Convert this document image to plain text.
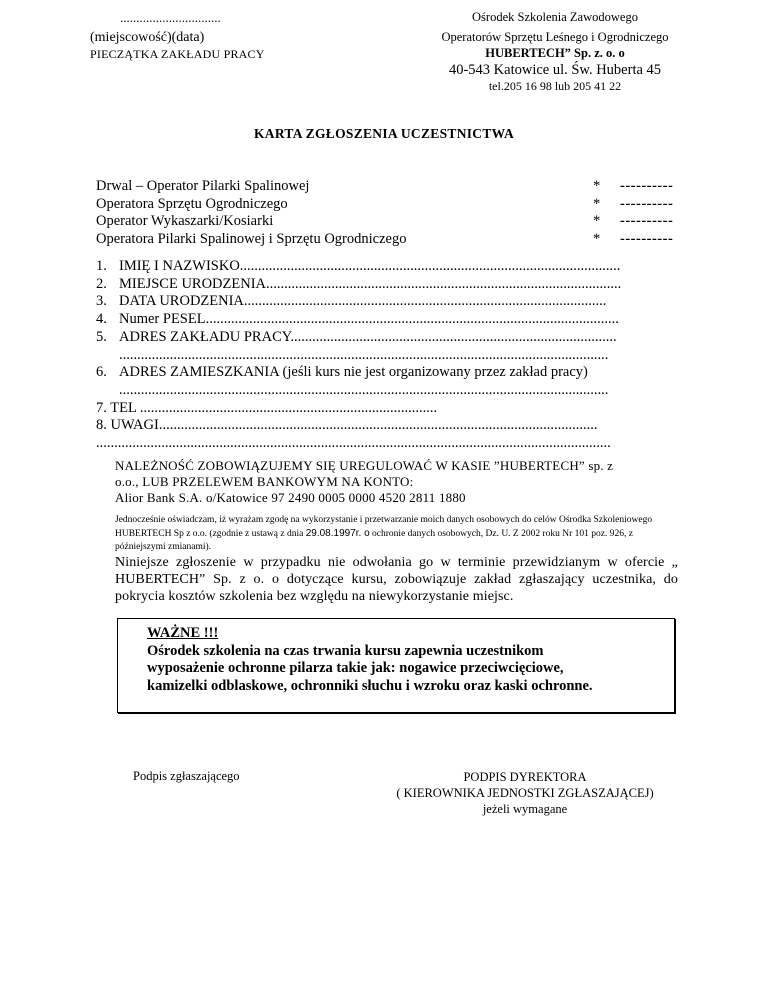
...............................
(miejscowość)(data)
PIECZĄTKA ZAKŁADU PRACY
Ośrodek Szkolenia Zawodowego
Operatorów Sprzętu Leśnego i Ogrodniczego
HUBERTECH” Sp. z. o. o
40-543 Katowice ul. Św. Huberta 45
tel.205 16 98 lub 205 41 22
KARTA ZGŁOSZENIA UCZESTNICTWA
Drwal – Operator Pilarki Spalinowej	* ----------
Operatora Sprzętu Ogrodniczego	* ----------
Operator Wykaszarki/Kosiarki	* ----------
Operatora Pilarki Spalinowej i Sprzętu Ogrodniczego	* ----------
1. IMIĘ I NAZWISKO.........................................................................................................
2. MIEJSCE URODZENIA..................................................................................................
3. DATA URODZENIA....................................................................................................
4. Numer PESEL..................................................................................................................
5. ADRES ZAKŁADU PRACY..........................................................................................
.......................................................................................................................................
6. ADRES ZAMIESZKANIA (jeśli kurs nie jest organizowany przez zakład pracy)
.......................................................................................................................................
7. TEL ..................................................................................
8. UWAGI.........................................................................................................................
..............................................................................................................................................
NALEŻNOŚĆ ZOBOWIĄZUJEMY SIĘ UREGULOWAĆ W KASIE ”HUBERTECH” sp. z
o.o., LUB PRZELEWEM BANKOWYM NA KONTO:
Alior Bank S.A. o/Katowice 97 2490 0005 0000 4520 2811 1880
Jednocześnie oświadczam, iż wyrażam zgodę na wykorzystanie i przetwarzanie moich danych osobowych do celów Ośrodka Szkoleniowego HUBERTECH Sp z o.o. (zgodnie z ustawą z dnia 29.08.1997r. o ochronie danych osobowych, Dz. U. Z 2002 roku Nr 101 poz. 926, z późniejszymi zmianami).
Niniejsze zgłoszenie w przypadku nie odwołania go w terminie przewidzianym w ofercie „ HUBERTECH” Sp. z o. o dotyczące kursu, zobowiązuje zakład zgłaszający uczestnika, do pokrycia kosztów szkolenia bez względu na niewykorzystanie miejsc.
WAŻNE !!!
Ośrodek szkolenia na czas trwania kursu zapewnia uczestnikom
wyposażenie ochronne pilarza takie jak: nogawice przeciwcięciowe,
kamizelki odblaskowe, ochronniki słuchu i wzroku oraz kaski ochronne.
Podpis zgłaszającego	PODPIS DYREKTORA
( KIEROWNIKA JEDNOSTKI ZGŁASZAJĄCEJ)
jeżeli wymagane
